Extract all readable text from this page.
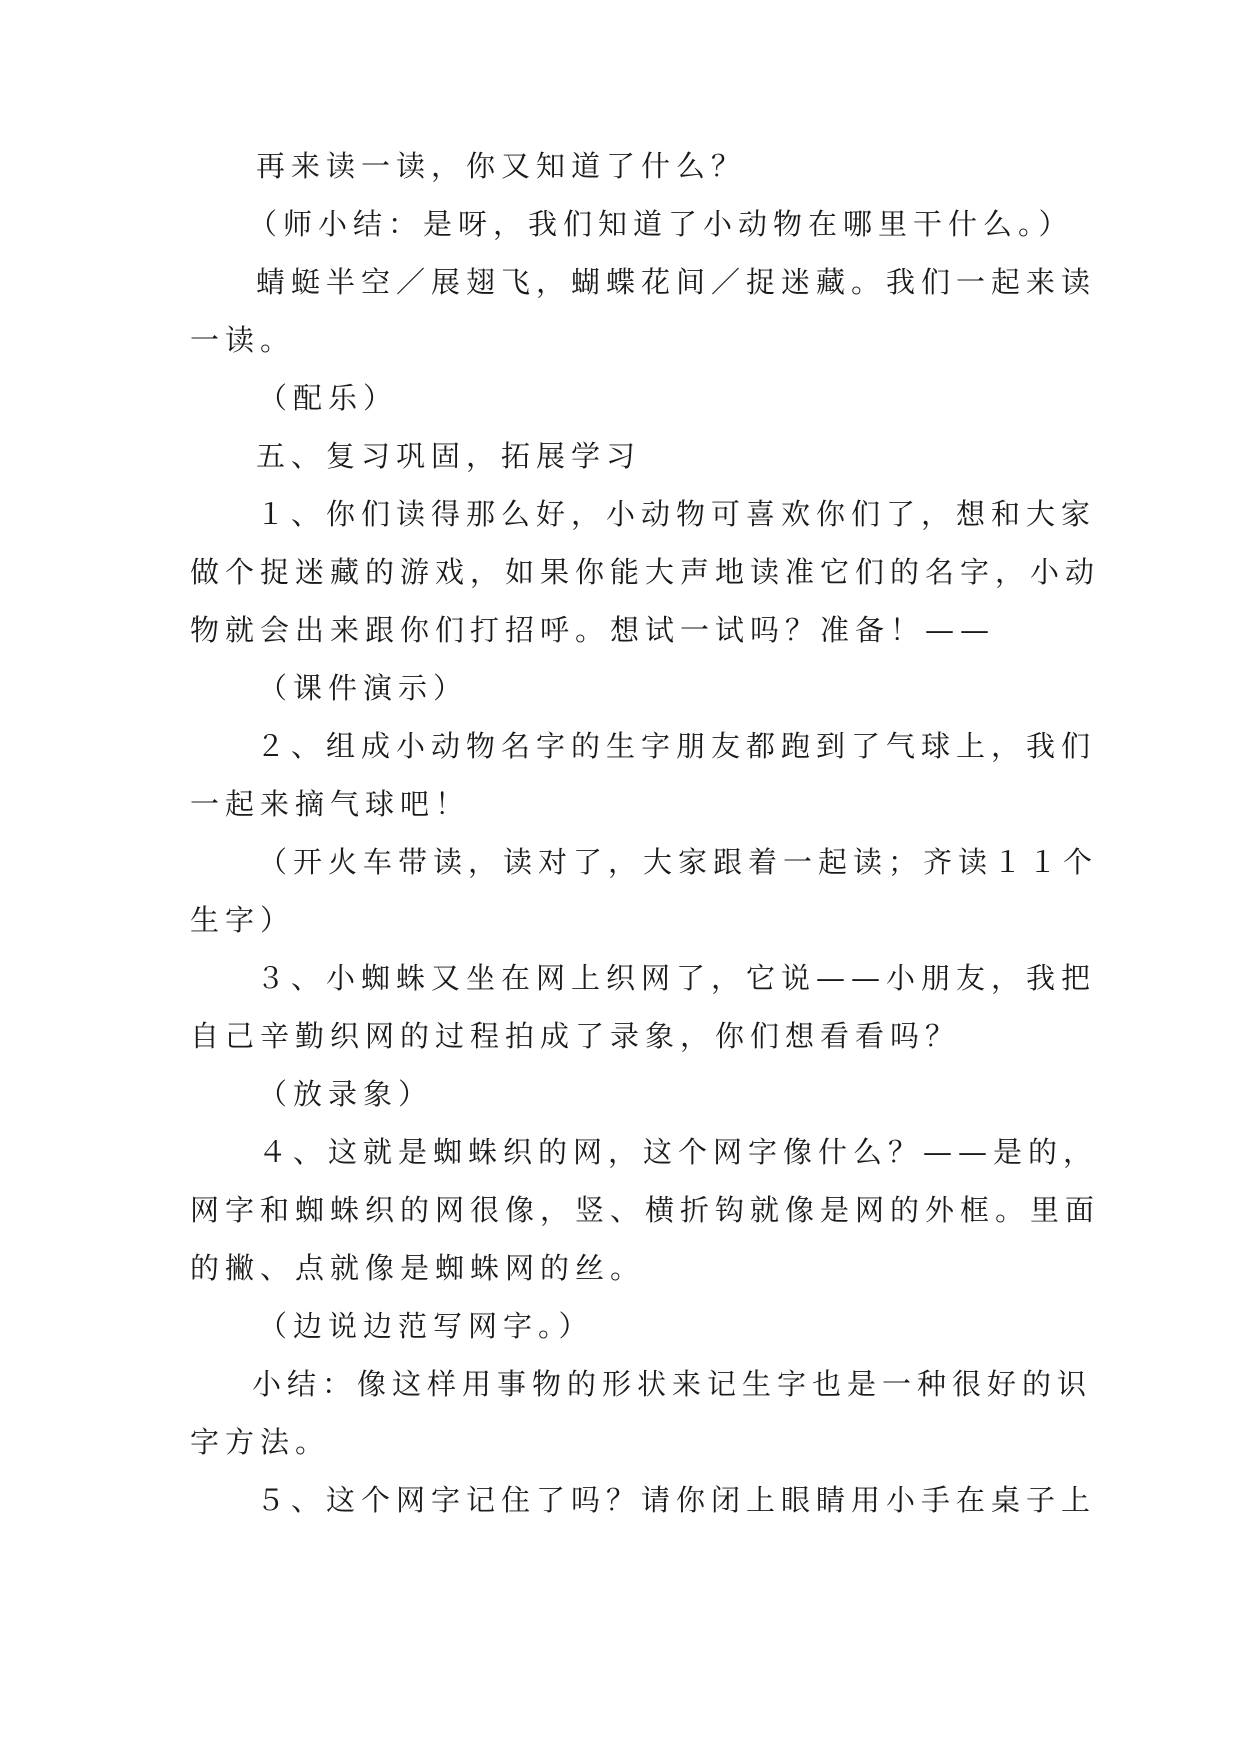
再来读一读，你又知道了什么？
（师小结：是呀，我们知道了小动物在哪里干什么。）
蜻蜓半空／展翅飞，蝴蝶花间／捉迷藏。我们一起来读
一读。
（配乐）
五、复习巩固，拓展学习
１、你们读得那么好，小动物可喜欢你们了，想和大家
做个捉迷藏的游戏，如果你能大声地读准它们的名字，小动
物就会出来跟你们打招呼。想试一试吗？准备！——
（课件演示）
２、组成小动物名字的生字朋友都跑到了气球上，我们
一起来摘气球吧！
（开火车带读，读对了，大家跟着一起读；齐读１１个
生字）
３、小蜘蛛又坐在网上织网了，它说——小朋友，我把
自己辛勤织网的过程拍成了录象，你们想看看吗？
（放录象）
４、这就是蜘蛛织的网，这个网字像什么？——是的，
网字和蜘蛛织的网很像，竖、横折钩就像是网的外框。里面
的撇、点就像是蜘蛛网的丝。
（边说边范写网字。）
小结：像这样用事物的形状来记生字也是一种很好的识
字方法。
５、这个网字记住了吗？请你闭上眼睛用小手在桌子上
